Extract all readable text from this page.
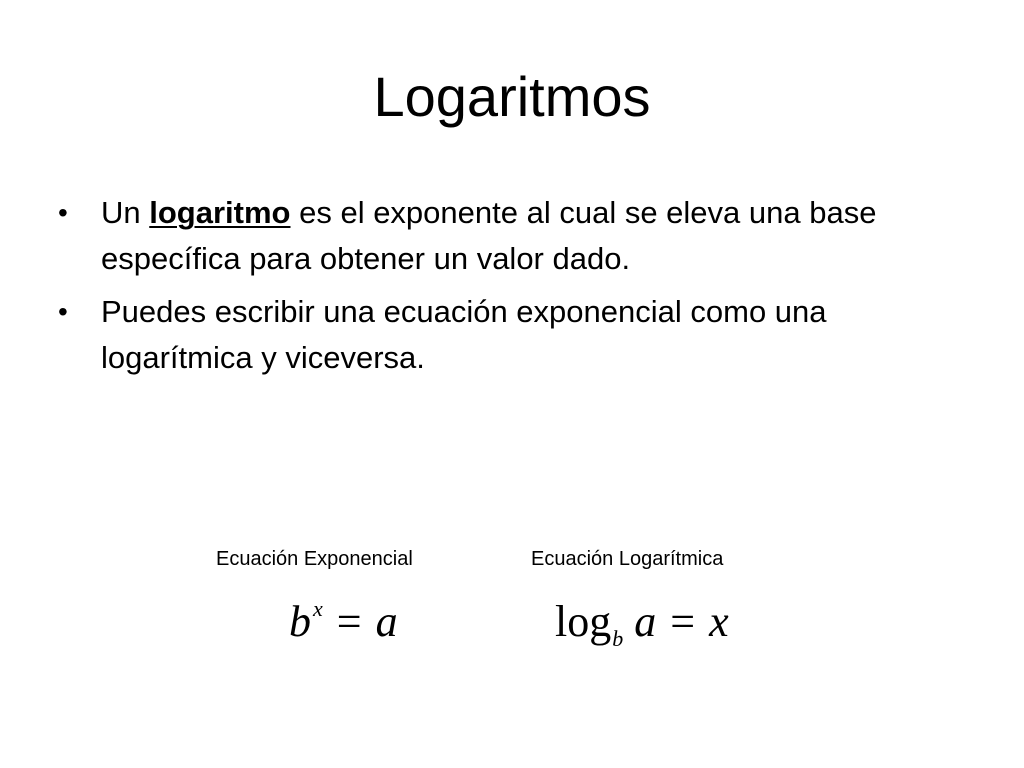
Logaritmos
• Un logaritmo es el exponente al cual se eleva una base específica para obtener un valor dado.
• Puedes escribir una ecuación exponencial como una logarítmica y viceversa.
Ecuación Exponencial	Ecuación Logarítmica
$b^x = a$	$\log_b a = x$
